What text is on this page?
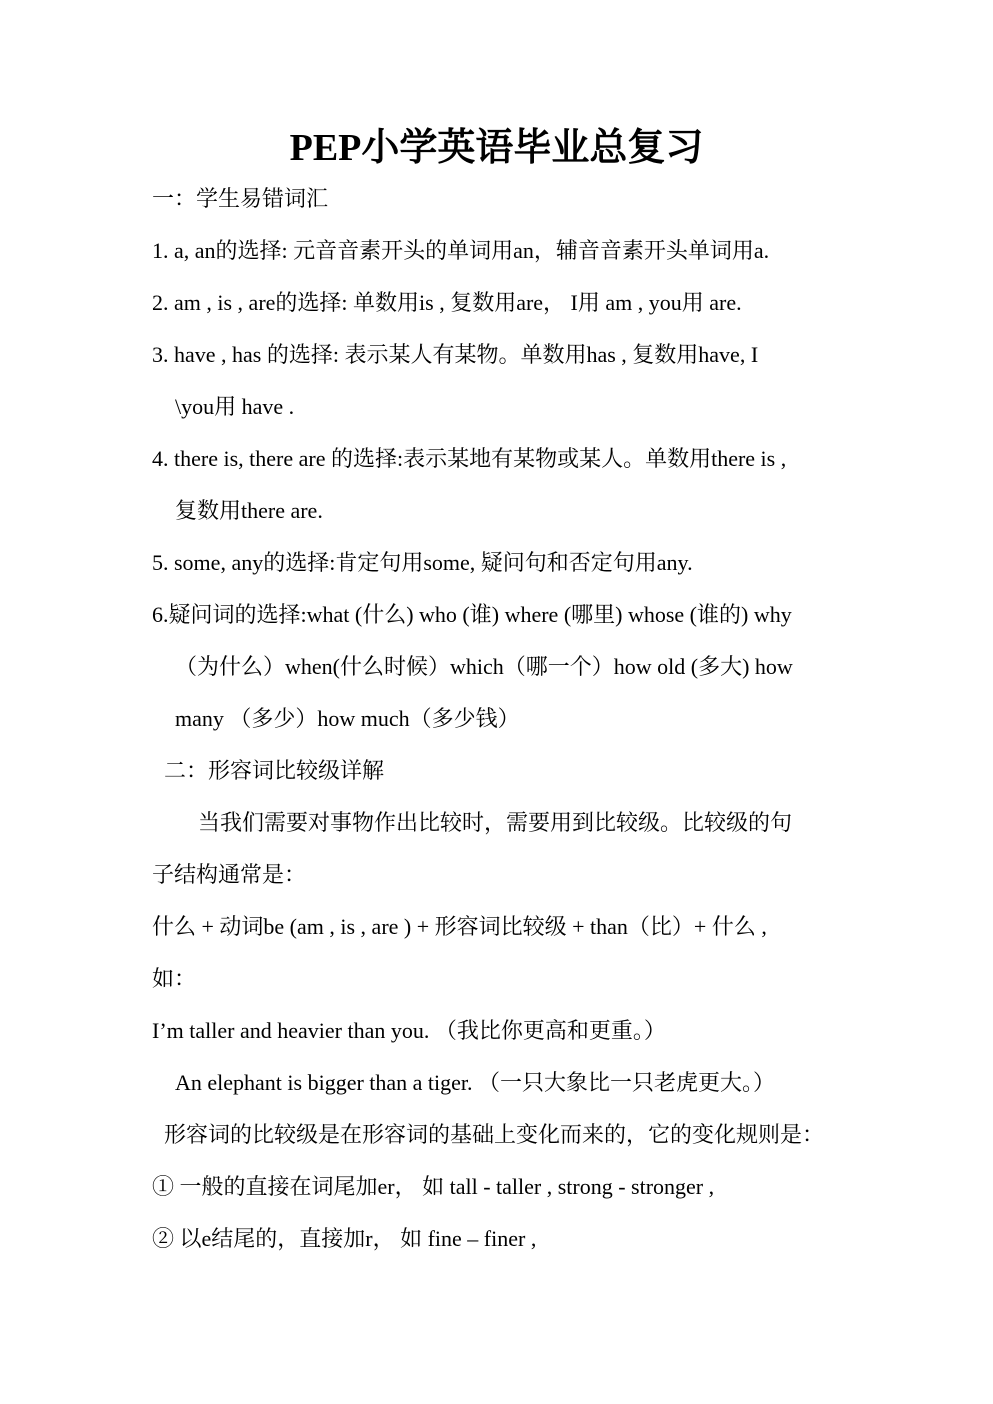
PEP小学英语毕业总复习
一：学生易错词汇
1. a, an的选择: 元音音素开头的单词用an，辅音音素开头单词用a.
2. am , is , are的选择: 单数用is , 复数用are， I用 am , you用 are.
3. have , has 的选择: 表示某人有某物。单数用has , 复数用have, I
\you用 have .
4. there is, there are 的选择:表示某地有某物或某人。单数用there is ,
复数用there are.
5. some, any的选择:肯定句用some, 疑问句和否定句用any.
6.疑问词的选择:what (什么) who (谁) where (哪里) whose (谁的) why
（为什么）when(什么时候）which（哪一个）how old (多大) how
many （多少）how much（多少钱）
二：形容词比较级详解
当我们需要对事物作出比较时，需要用到比较级。比较级的句
子结构通常是：
什么 + 动词be (am , is , are ) + 形容词比较级 + than（比）+ 什么 ,
如：
I’m taller and heavier than you. （我比你更高和更重。）
An elephant is bigger than a tiger. （一只大象比一只老虎更大。）
形容词的比较级是在形容词的基础上变化而来的，它的变化规则是：
① 一般的直接在词尾加er， 如 tall - taller , strong - stronger ,
② 以e结尾的，直接加r， 如 fine – finer ,
